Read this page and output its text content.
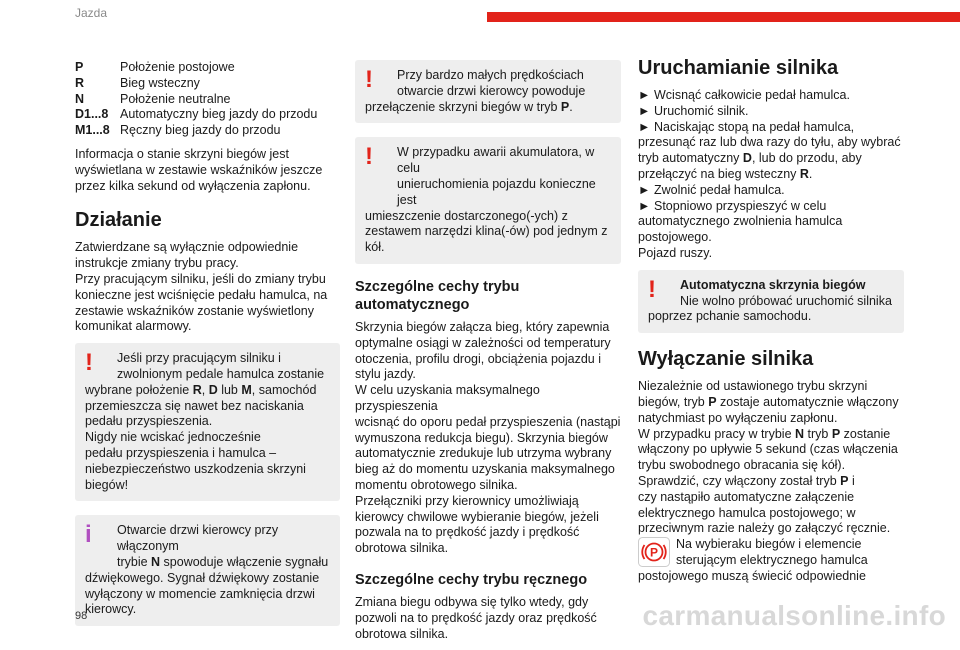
Jazda
P	Położenie postojowe
R	Bieg wsteczny
N	Położenie neutralne
D1...8	Automatyczny bieg jazdy do przodu
M1...8	Ręczny bieg jazdy do przodu

Informacja o stanie skrzyni biegów jest
wyświetlana w zestawie wskaźników jeszcze
przez kilka sekund od wyłączenia zapłonu.

Działanie

Zatwierdzane są wyłącznie odpowiednie
instrukcje zmiany trybu pracy.
Przy pracującym silniku, jeśli do zmiany trybu
konieczne jest wciśnięcie pedału hamulca, na
zestawie wskaźników zostanie wyświetlony
komunikat alarmowy.

!	Jeśli przy pracującym silniku i
zwolnionym pedale hamulca zostanie
wybrane położenie R, D lub M, samochód
przemieszcza się nawet bez naciskania
pedału przyspieszenia.
Nigdy nie wciskać jednocześnie
pedału przyspieszenia i hamulca –
niebezpieczeństwo uszkodzenia skrzyni
biegów!
i	Otwarcie drzwi kierowcy przy włączonym
trybie N spowoduje włączenie sygnału
dźwiękowego. Sygnał dźwiękowy zostanie
wyłączony w momencie zamknięcia drzwi
kierowcy.
!	Przy bardzo małych prędkościach
otwarcie drzwi kierowcy powoduje
przełączenie skrzyni biegów w tryb P.
!	W przypadku awarii akumulatora, w celu
unieruchomienia pojazdu konieczne jest
umieszczenie dostarczonego(-ych) z
zestawem narzędzi klina(-ów) pod jednym z
kół.
Szczególne cechy trybu
automatycznego

Skrzynia biegów załącza bieg, który zapewnia
optymalne osiągi w zależności od temperatury
otoczenia, profilu drogi, obciążenia pojazdu i
stylu jazdy.
W celu uzyskania maksymalnego przyspieszenia
wcisnąć do oporu pedał przyspieszenia (nastąpi
wymuszona redukcja biegu). Skrzynia biegów
automatycznie zredukuje lub utrzyma wybrany
bieg aż do momentu uzyskania maksymalnego
momentu obrotowego silnika.
Przełączniki przy kierownicy umożliwiają
kierowcy chwilowe wybieranie biegów, jeżeli
pozwala na to prędkość jazdy i prędkość
obrotowa silnika.

Szczególne cechy trybu ręcznego

Zmiana biegu odbywa się tylko wtedy, gdy
pozwoli na to prędkość jazdy oraz prędkość
obrotowa silnika.

Uruchamianie silnika

► Wcisnąć całkowicie pedał hamulca.
► Uruchomić silnik.
► Naciskając stopą na pedał hamulca,
przesunąć raz lub dwa razy do tyłu, aby wybrać
tryb automatyczny D, lub do przodu, aby
przełączyć na bieg wsteczny R.
► Zwolnić pedał hamulca.
► Stopniowo przyspieszyć w celu
automatycznego zwolnienia hamulca
postojowego.
Pojazd ruszy.

!	Automatyczna skrzynia biegów
Nie wolno próbować uruchomić silnika
poprzez pchanie samochodu.
Wyłączanie silnika

Niezależnie od ustawionego trybu skrzyni
biegów, tryb P zostaje automatycznie włączony
natychmiast po wyłączeniu zapłonu.
W przypadku pracy w trybie N tryb P zostanie
włączony po upływie 5 sekund (czas włączenia
trybu swobodnego obracania się kół).
Sprawdzić, czy włączony został tryb P i
czy nastąpiło automatyczne załączenie
elektrycznego hamulca postojowego; w
przeciwnym razie należy go załączyć ręcznie.
P
Na wybieraku biegów i elemencie
sterującym elektrycznego hamulca
postojowego muszą świecić odpowiednie

98	carmanualsonline.info
